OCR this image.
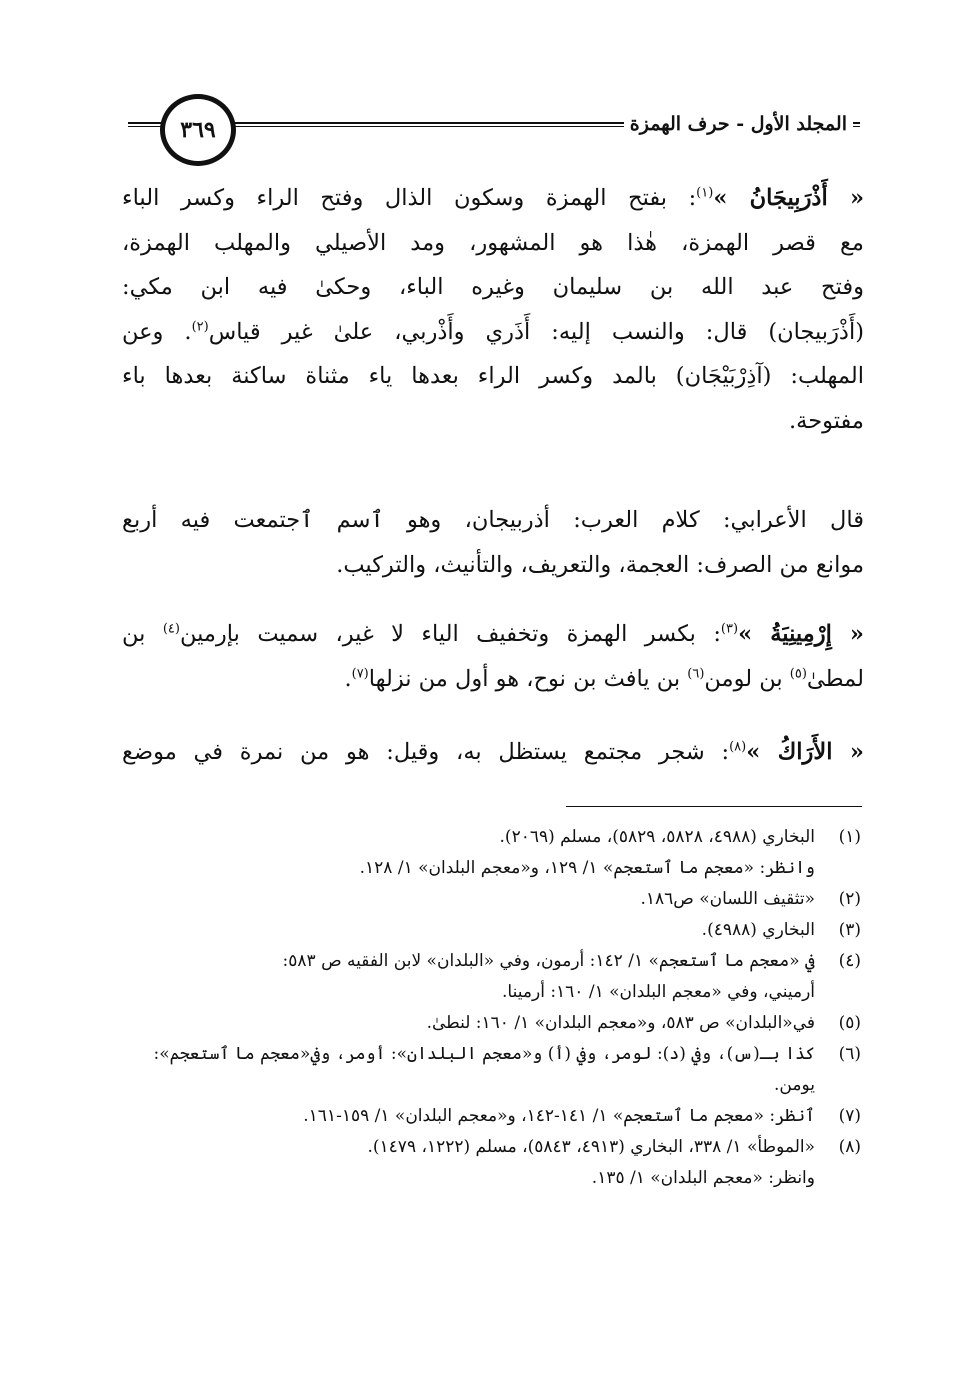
المجلد الأول - حرف الهمزة
٣٦٩
« أَذْرَبِيجَانُ »$^{(١)}$: بفتح الهمزة وسكون الذال وفتح الراء وكسر الباء
مع قصر الهمزة، هٰذا هو المشهور، ومد الأصيلي والمهلب الهمزة،
وفتح عبد الله بن سليمان وغيره الباء، وحكىٰ فيه ابن مكي:
(أَذْرَبيجان) قال: والنسب إليه: أَذَري وأَذْربي، علىٰ غير قياس$^{(٢)}$. وعن
المهلب: (آذِرْبَيْجَان) بالمد وكسر الراء بعدها ياء مثناة ساكنة بعدها باء
مفتوحة.
قال الأعرابي: كلام العرب: أذربيجان، وهو ٱسم ٱجتمعت فيه أربع
موانع من الصرف: العجمة، والتعريف، والتأنيث، والتركيب.
« إِرْمِينِيَةُ »$^{(٣)}$: بكسر الهمزة وتخفيف الياء لا غير، سميت بإرمين$^{(٤)}$ بن
لمطىٰ$^{(٥)}$ بن لومن$^{(٦)}$ بن يافث بن نوح، هو أول من نزلها$^{(٧)}$.
« الأَرَاكُ »$^{(٨)}$: شجر مجتمع يستظل به، وقيل: هو من نمرة في موضع
(١)
البخاري (٤٩٨٨، ٥٨٢٨، ٥٨٢٩)، مسلم (٢٠٦٩).
وانظر: «معجم ما ٱستعجم» ١/ ١٢٩، و«معجم البلدان» ١/ ١٢٨.
(٢)
«تثقيف اللسان» ص١٨٦.
(٣)
البخاري (٤٩٨٨).
(٤)
في «معجم ما ٱستعجم» ١/ ١٤٢: أرمون، وفي «البلدان» لابن الفقيه ص ٥٨٣:
أرميني، وفي «معجم البلدان» ١/ ١٦٠: أرمينا.
(٥)
في«البلدان» ص ٥٨٣، و«معجم البلدان» ١/ ١٦٠: لنطىٰ.
(٦)
كذا بـ(س)، وفي (د): لومر، وفي (أ) و«معجم البلدان»: أومر، وفي«معجم ما ٱستعجم»:
يومن.
(٧)
ٱنظر: «معجم ما ٱستعجم» ١/ ١٤١-١٤٢، و«معجم البلدان» ١/ ١٥٩-١٦١.
(٨)
«الموطأ» ١/ ٣٣٨، البخاري (٤٩١٣، ٥٨٤٣)، مسلم (١٢٢٢، ١٤٧٩).
وانظر: «معجم البلدان» ١/ ١٣٥.
